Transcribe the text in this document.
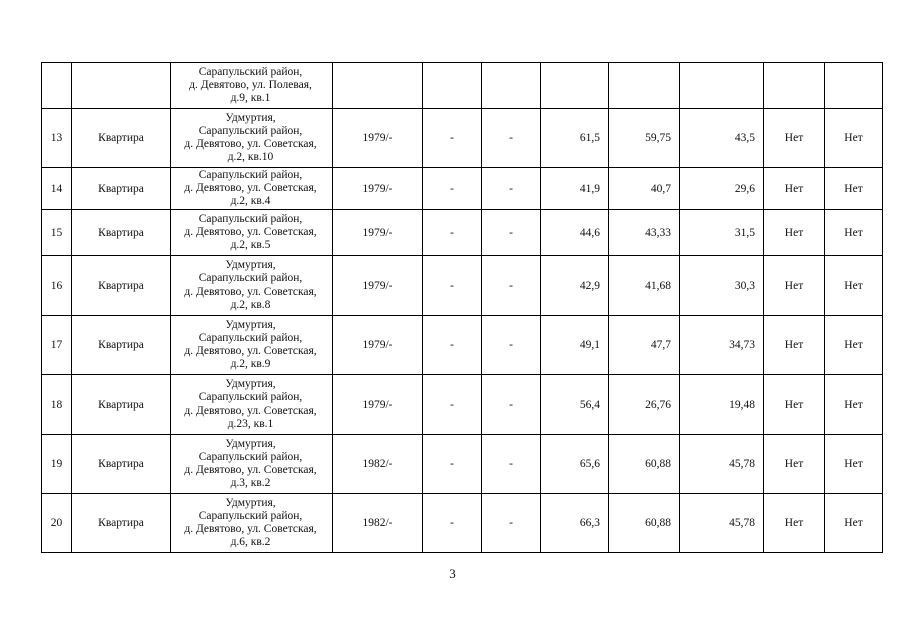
		Сарапульский район,
д. Девятово, ул. Полевая,
д.9, кв.1								

13	Квартира	Удмуртия,
Сарапульский район,
д. Девятово, ул. Советская,
д.2, кв.10	1979/-	-	-	61,5	59,75	43,5	Нет	Нет
14	Квартира	Сарапульский район,
д. Девятово, ул. Советская,
д.2, кв.4	1979/-	-	-	41,9	40,7	29,6	Нет	Нет
15	Квартира	Сарапульский район,
д. Девятово, ул. Советская,
д.2, кв.5	1979/-	-	-	44,6	43,33	31,5	Нет	Нет
16	Квартира	Удмуртия,
Сарапульский район,
д. Девятово, ул. Советская,
д.2, кв.8	1979/-	-	-	42,9	41,68	30,3	Нет	Нет
17	Квартира	Удмуртия,
Сарапульский район,
д. Девятово, ул. Советская,
д.2, кв.9	1979/-	-	-	49,1	47,7	34,73	Нет	Нет
18	Квартира	Удмуртия,
Сарапульский район,
д. Девятово, ул. Советская,
д.23, кв.1	1979/-	-	-	56,4	26,76	19,48	Нет	Нет
19	Квартира	Удмуртия,
Сарапульский район,
д. Девятово, ул. Советская,
д.3, кв.2	1982/-	-	-	65,6	60,88	45,78	Нет	Нет
20	Квартира	Удмуртия,
Сарапульский район,
д. Девятово, ул. Советская,
д.6, кв.2	1982/-	-	-	66,3	60,88	45,78	Нет	Нет
3
